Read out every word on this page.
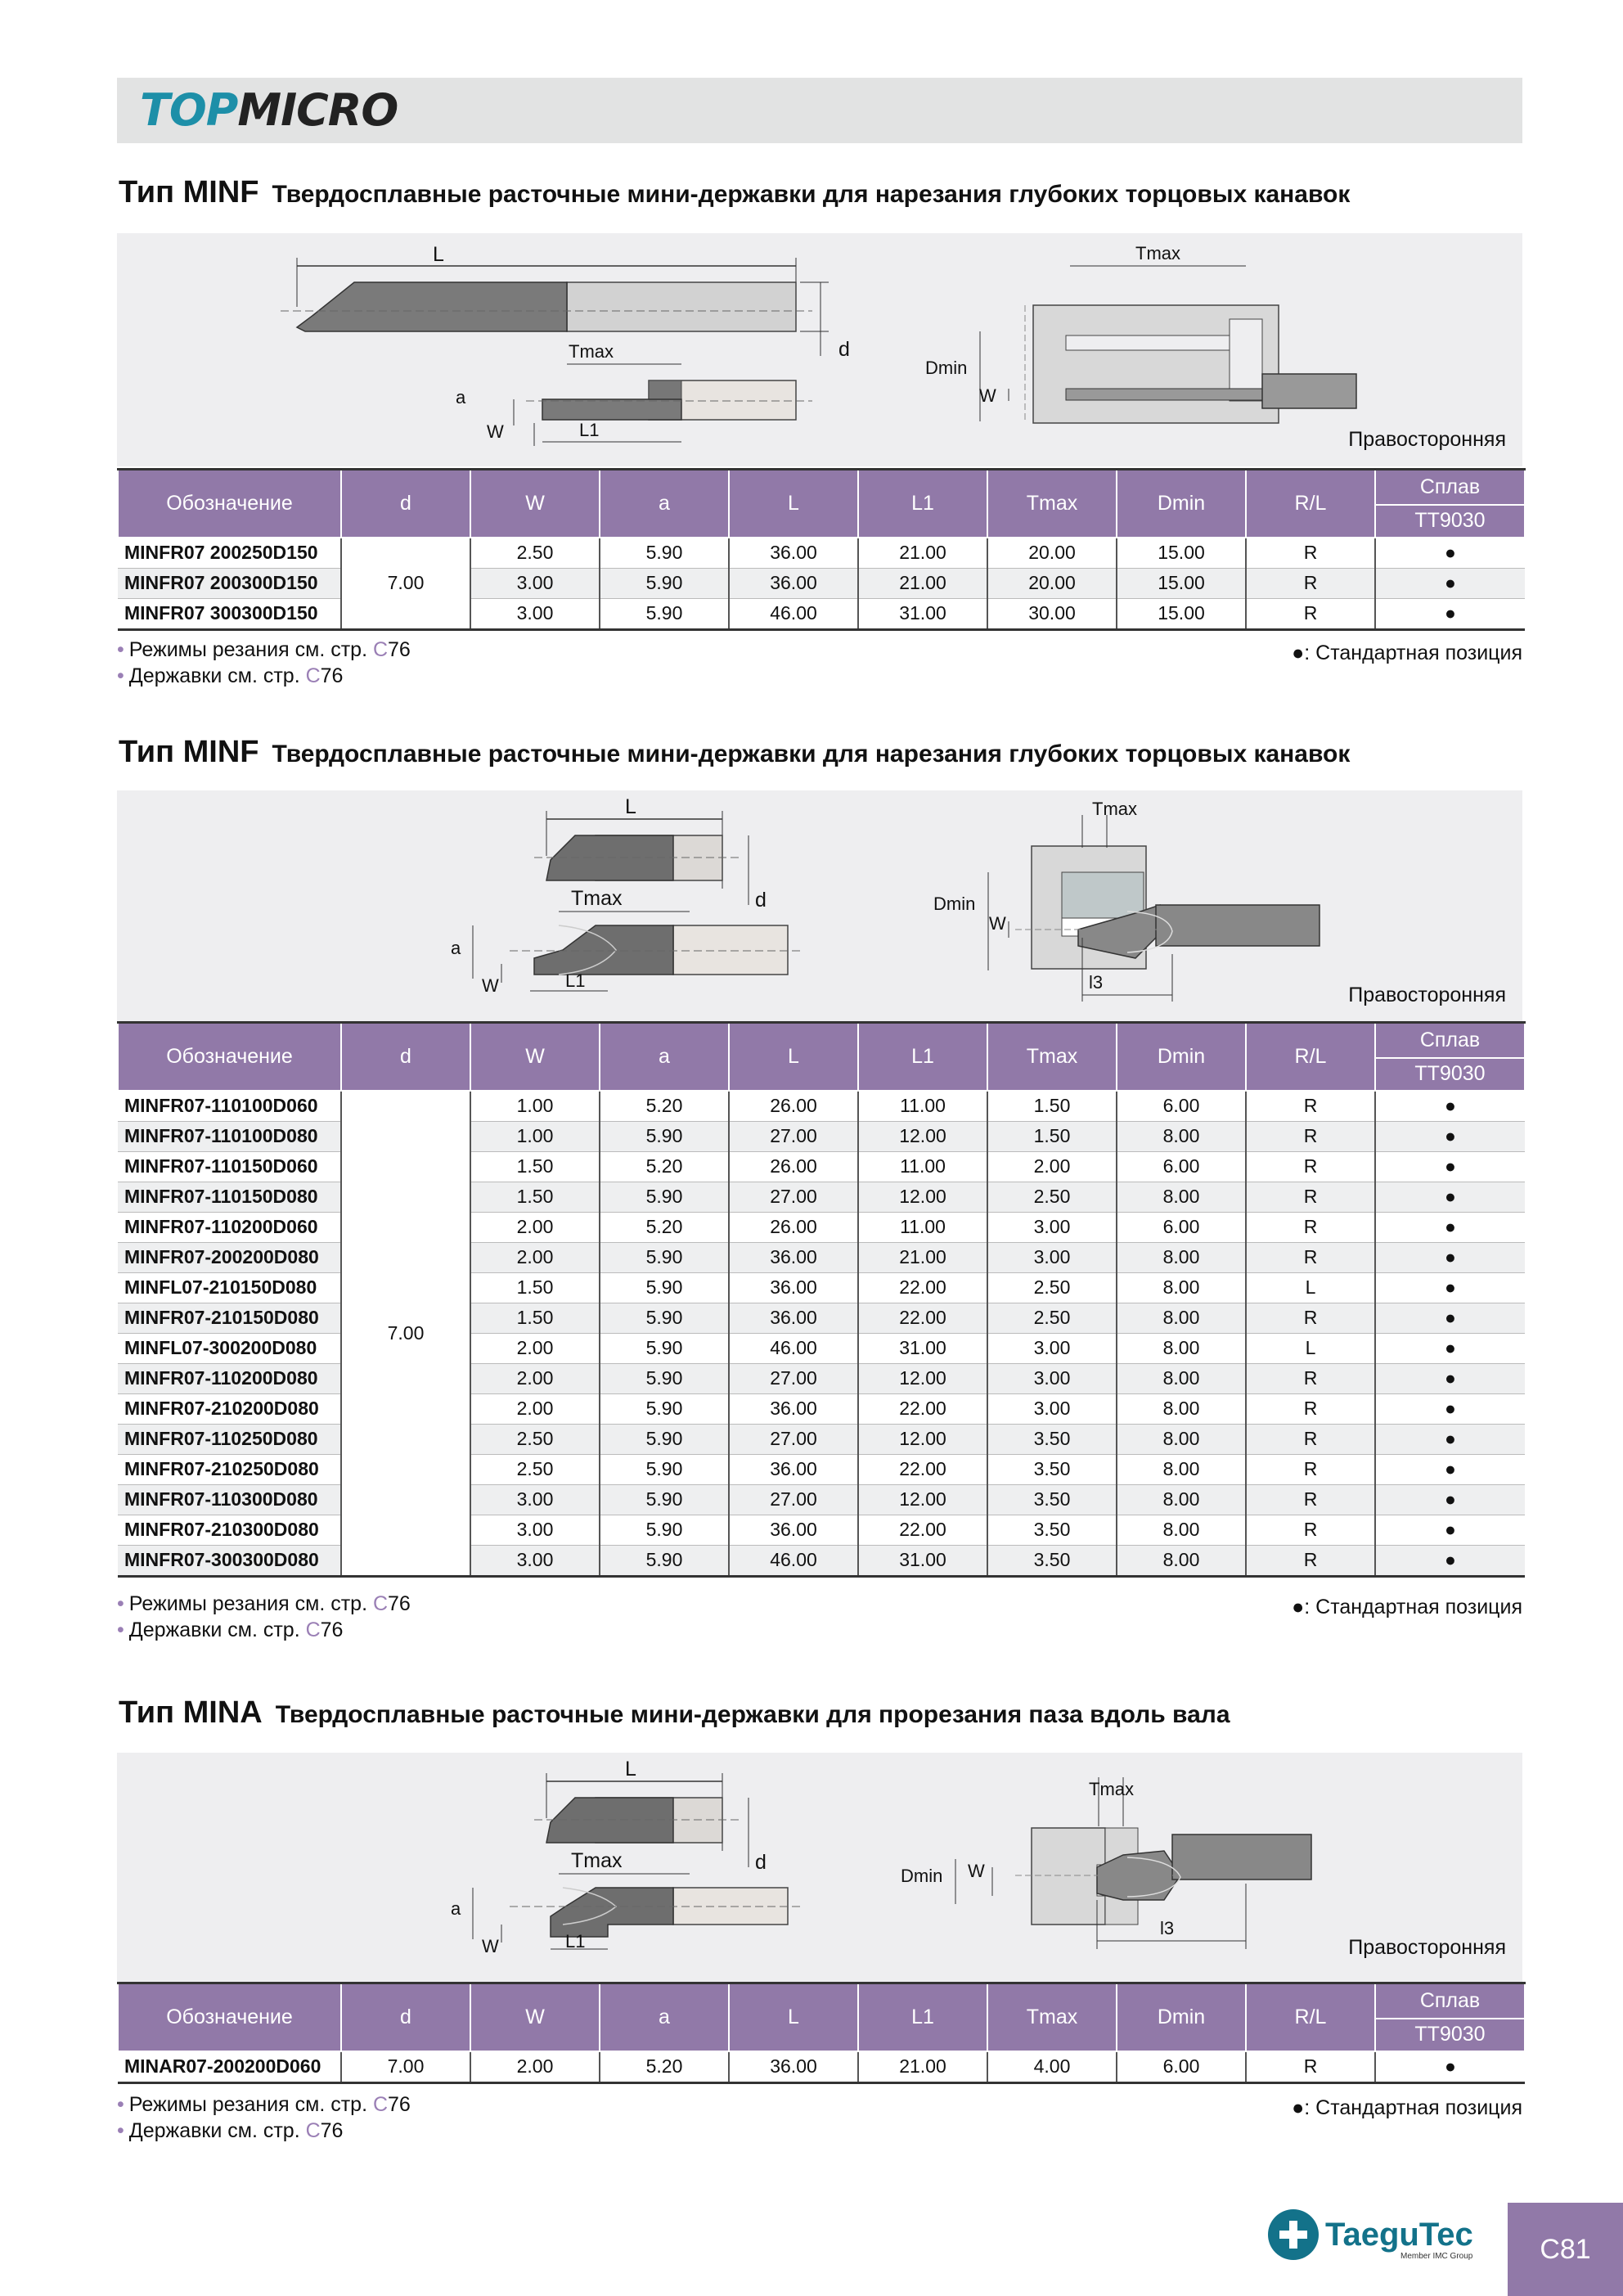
TOPMICRO
Тип MINF Твердосплавные расточные мини-державки для нарезания глубоких торцовых канавок
L
d
Tmax
a
W	L1
Tmax
Dmin
W
Правосторонняя
Обозначение	d	W	a	L	L1	Tmax	Dmin	R/L	Сплав
									TT9030
MINFR07 200250D150	7.00	2.50	5.90	36.00	21.00	20.00	15.00	R	●
MINFR07 200300D150		3.00	5.90	36.00	21.00	20.00	15.00	R	●
MINFR07 300300D150		3.00	5.90	46.00	31.00	30.00	15.00	R	●
• Режимы резания см. стр. C76
• Державки см. стр. C76
●: Стандартная позиция
Тип MINF Твердосплавные расточные мини-державки для нарезания глубоких торцовых канавок
L
d
Tmax
a
W	L1
Tmax
Dmin
W
l3
Правосторонняя
Обозначение	d	W	a	L	L1	Tmax	Dmin	R/L	Сплав
									TT9030
MINFR07-110100D060	7.00	1.00	5.20	26.00	11.00	1.50	6.00	R	●
MINFR07-110100D080		1.00	5.90	27.00	12.00	1.50	8.00	R	●
MINFR07-110150D060		1.50	5.20	26.00	11.00	2.00	6.00	R	●
MINFR07-110150D080		1.50	5.90	27.00	12.00	2.50	8.00	R	●
MINFR07-110200D060		2.00	5.20	26.00	11.00	3.00	6.00	R	●
MINFR07-200200D080		2.00	5.90	36.00	21.00	3.00	8.00	R	●
MINFL07-210150D080		1.50	5.90	36.00	22.00	2.50	8.00	L	●
MINFR07-210150D080		1.50	5.90	36.00	22.00	2.50	8.00	R	●
MINFL07-300200D080		2.00	5.90	46.00	31.00	3.00	8.00	L	●
MINFR07-110200D080		2.00	5.90	27.00	12.00	3.00	8.00	R	●
MINFR07-210200D080		2.00	5.90	36.00	22.00	3.00	8.00	R	●
MINFR07-110250D080		2.50	5.90	27.00	12.00	3.50	8.00	R	●
MINFR07-210250D080		2.50	5.90	36.00	22.00	3.50	8.00	R	●
MINFR07-110300D080		3.00	5.90	27.00	12.00	3.50	8.00	R	●
MINFR07-210300D080		3.00	5.90	36.00	22.00	3.50	8.00	R	●
MINFR07-300300D080		3.00	5.90	46.00	31.00	3.50	8.00	R	●
• Режимы резания см. стр. C76
• Державки см. стр. C76
●: Стандартная позиция
Тип MINA Твердосплавные расточные мини-державки для прорезания паза вдоль вала
L
d
Tmax
a
W	L1
Tmax
Dmin W
l3
Правосторонняя
Обозначение	d	W	a	L	L1	Tmax	Dmin	R/L	Сплав
									TT9030
MINAR07-200200D060	7.00	2.00	5.20	36.00	21.00	4.00	6.00	R	●
• Режимы резания см. стр. C76
• Державки см. стр. C76
●: Стандартная позиция
TaeguTec
Member IMC Group	C81
